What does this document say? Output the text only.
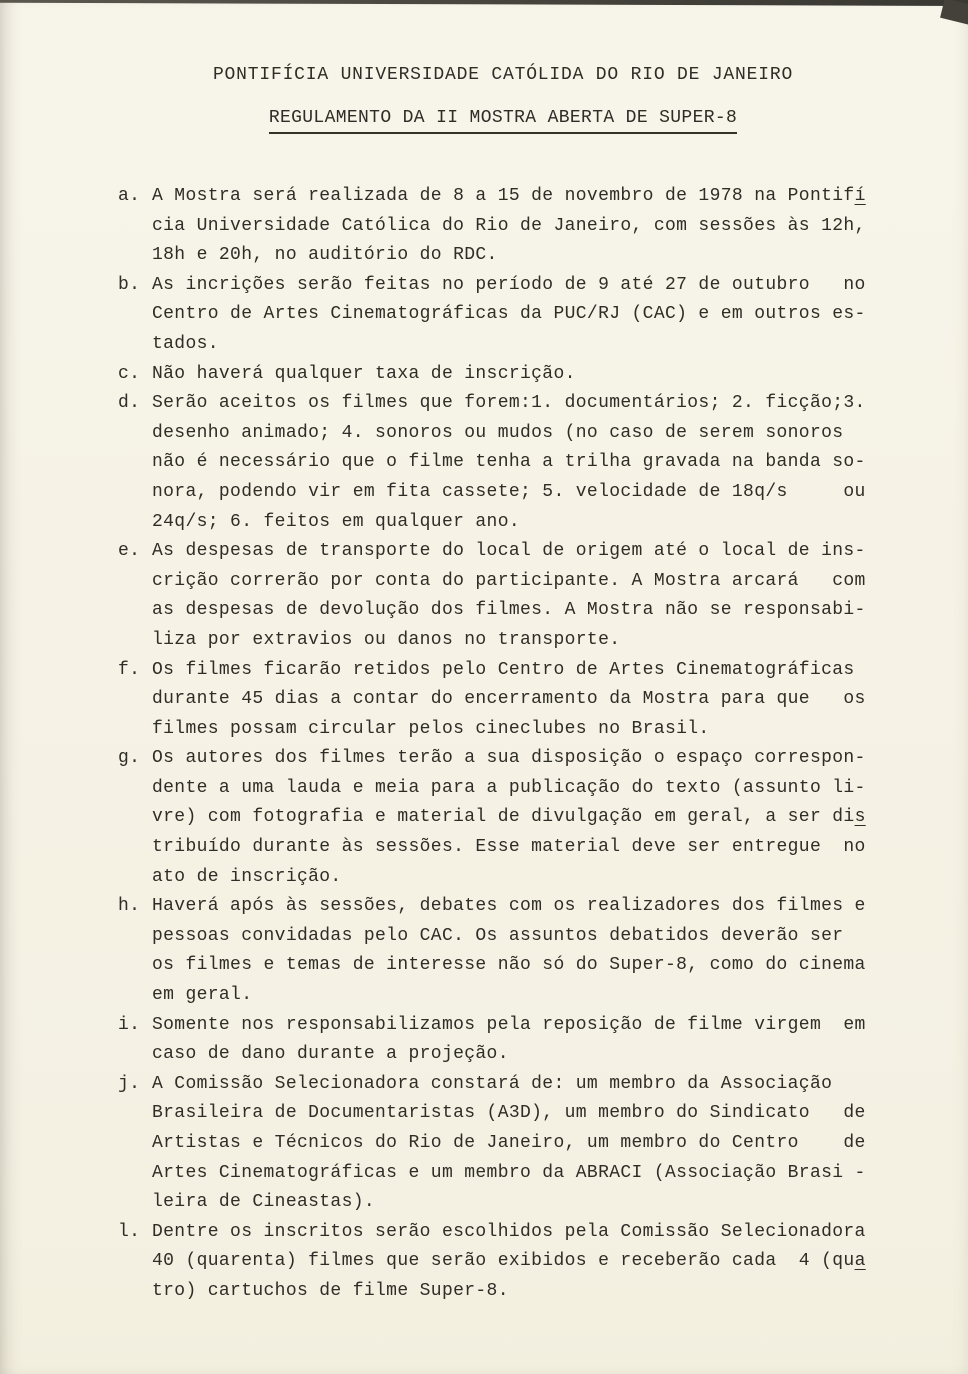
PONTIFÍCIA UNIVERSIDADE CATÓLIDA DO RIO DE JANEIRO
REGULAMENTO DA II MOSTRA ABERTA DE SUPER-8
a. A Mostra será realizada de 8 a 15 de novembro de 1978 na Pontifí
cia Universidade Católica do Rio de Janeiro, com sessões às 12h,
18h e 20h, no auditório do RDC.
b. As incrições serão feitas no período de 9 até 27 de outubro   no
Centro de Artes Cinematográficas da PUC/RJ (CAC) e em outros es-
tados.
c. Não haverá qualquer taxa de inscrição.
d. Serão aceitos os filmes que forem:1. documentários; 2. ficção;3.
desenho animado; 4. sonoros ou mudos (no caso de serem sonoros
não é necessário que o filme tenha a trilha gravada na banda so-
nora, podendo vir em fita cassete; 5. velocidade de 18q/s     ou
24q/s; 6. feitos em qualquer ano.
e. As despesas de transporte do local de origem até o local de ins-
crição correrão por conta do participante. A Mostra arcará   com
as despesas de devolução dos filmes. A Mostra não se responsabi-
liza por extravios ou danos no transporte.
f. Os filmes ficarão retidos pelo Centro de Artes Cinematográficas
durante 45 dias a contar do encerramento da Mostra para que   os
filmes possam circular pelos cineclubes no Brasil.
g. Os autores dos filmes terão a sua disposição o espaço correspon-
dente a uma lauda e meia para a publicação do texto (assunto li-
vre) com fotografia e material de divulgação em geral, a ser dis
tribuído durante às sessões. Esse material deve ser entregue  no
ato de inscrição.
h. Haverá após às sessões, debates com os realizadores dos filmes e
pessoas convidadas pelo CAC. Os assuntos debatidos deverão ser
os filmes e temas de interesse não só do Super-8, como do cinema
em geral.
i. Somente nos responsabilizamos pela reposição de filme virgem  em
caso de dano durante a projeção.
j. A Comissão Selecionadora constará de: um membro da Associação
Brasileira de Documentaristas (A3D), um membro do Sindicato   de
Artistas e Técnicos do Rio de Janeiro, um membro do Centro    de
Artes Cinematográficas e um membro da ABRACI (Associação Brasi -
leira de Cineastas).
l. Dentre os inscritos serão escolhidos pela Comissão Selecionadora
40 (quarenta) filmes que serão exibidos e receberão cada  4 (qua
tro) cartuchos de filme Super-8.
